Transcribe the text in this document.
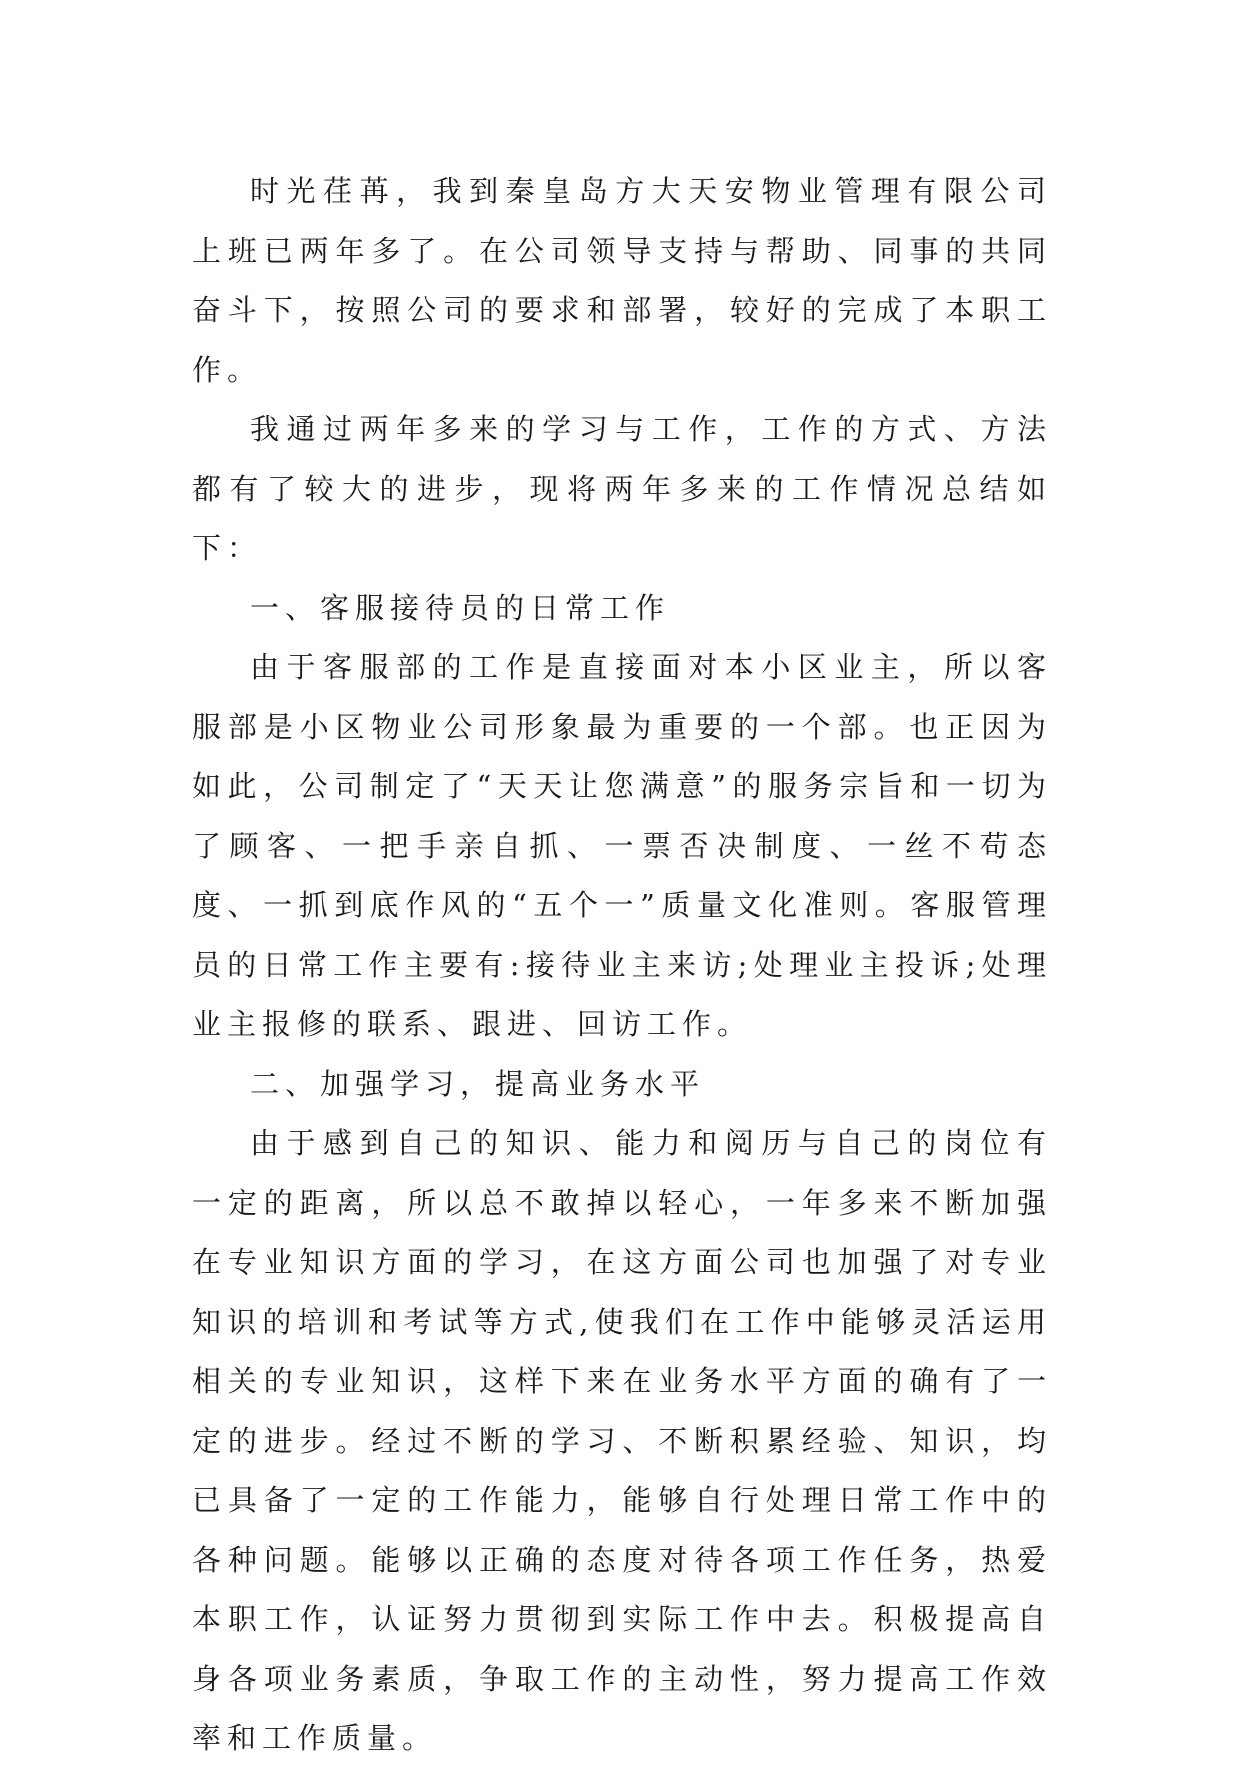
时光荏苒，我到秦皇岛方大天安物业管理有限公司上班已两年多了。在公司领导支持与帮助、同事的共同奋斗下，按照公司的要求和部署，较好的完成了本职工作。

我通过两年多来的学习与工作，工作的方式、方法都有了较大的进步，现将两年多来的工作情况总结如下：

一、客服接待员的日常工作

由于客服部的工作是直接面对本小区业主，所以客服部是小区物业公司形象最为重要的一个部。也正因为如此，公司制定了“天天让您满意”的服务宗旨和一切为了顾客、一把手亲自抓、一票否决制度、一丝不苟态度、一抓到底作风的“五个一”质量文化准则。客服管理员的日常工作主要有:接待业主来访;处理业主投诉;处理业主报修的联系、跟进、回访工作。

二、加强学习，提高业务水平

由于感到自己的知识、能力和阅历与自己的岗位有一定的距离，所以总不敢掉以轻心，一年多来不断加强在专业知识方面的学习，在这方面公司也加强了对专业知识的培训和考试等方式,使我们在工作中能够灵活运用相关的专业知识，这样下来在业务水平方面的确有了一定的进步。经过不断的学习、不断积累经验、知识，均已具备了一定的工作能力，能够自行处理日常工作中的各种问题。能够以正确的态度对待各项工作任务，热爱本职工作，认证努力贯彻到实际工作中去。积极提高自身各项业务素质，争取工作的主动性，努力提高工作效率和工作质量。
